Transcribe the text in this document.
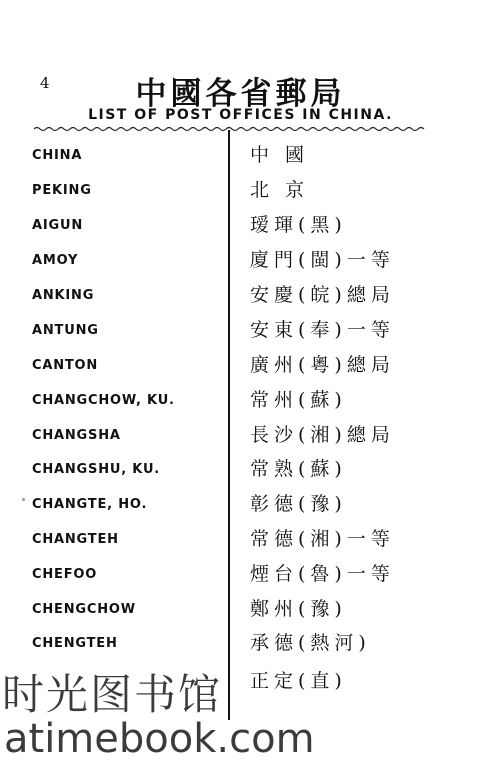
4	中國各省郵局
LIST OF POST OFFICES IN CHINA.
CHINA	中 國
PEKING	北 京
AIGUN	瑷琿(黑)
AMOY	廈門(閩)一等
ANKING	安慶(皖)總局
ANTUNG	安東(奉)一等
CANTON	廣州(粵)總局
CHANGCHOW, KU.	常州(蘇)
CHANGSHA	長沙(湘)總局
CHANGSHU, KU.	常熟(蘇)
CHANGTE, HO.	彰德(豫)
CHANGTEH	常德(湘)一等
CHEFOO	煙台(魯)一等
CHENGCHOW	鄭州(豫)
CHENGTEH	承德(熱河)
正定(直)
时光图书馆
atimebook.com
